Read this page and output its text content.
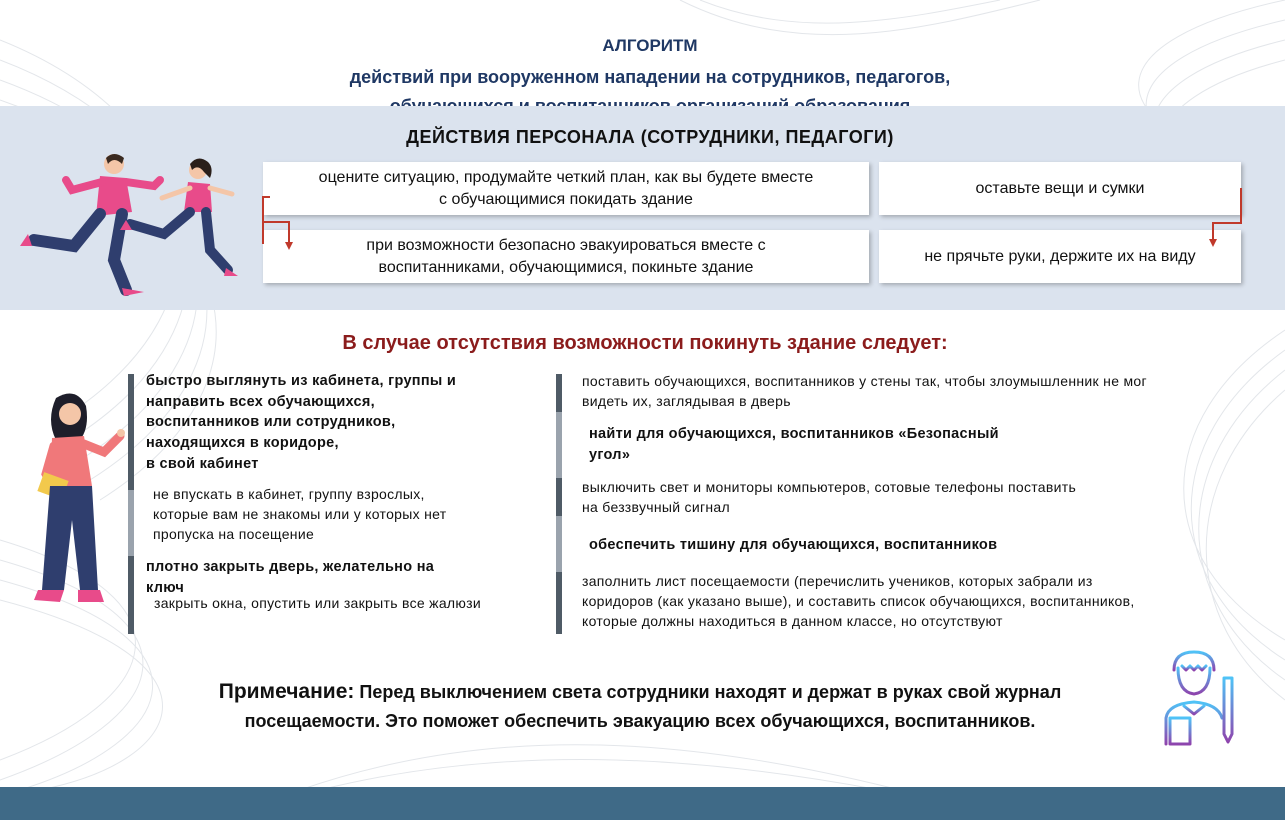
АЛГОРИТМ
действий при вооруженном нападении на сотрудников, педагогов,
ДЕЙСТВИЯ ПЕРСОНАЛА (СОТРУДНИКИ, ПЕДАГОГИ)
оцените ситуацию, продумайте четкий план, как вы будете вместе
с обучающимися покидать здание
оставьте вещи и сумки
при возможности безопасно эвакуироваться вместе с
воспитанниками, обучающимися, покиньте здание
не прячьте руки, держите их на виду
В случае отсутствия возможности покинуть здание следует:
быстро выглянуть из кабинета, группы и
направить всех обучающихся,
воспитанников или сотрудников,
находящихся в коридоре,
в свой кабинет
не впускать в кабинет, группу взрослых,
которые вам не знакомы или у которых нет
пропуска на посещение
плотно закрыть дверь, желательно на
ключ
закрыть окна, опустить или закрыть все жалюзи
поставить обучающихся, воспитанников у стены так, чтобы злоумышленник не мог
видеть их, заглядывая в дверь
найти для обучающихся, воспитанников «Безопасный
угол»
выключить свет и мониторы компьютеров, сотовые телефоны поставить
на беззвучный сигнал
обеспечить тишину для обучающихся, воспитанников
заполнить лист посещаемости (перечислить учеников, которых забрали из
коридоров (как указано выше), и составить список обучающихся, воспитанников,
которые должны находиться в данном классе, но отсутствуют
Примечание: Перед выключением света сотрудники находят и держат в руках свой журнал
посещаемости. Это поможет обеспечить эвакуацию всех обучающихся, воспитанников.
